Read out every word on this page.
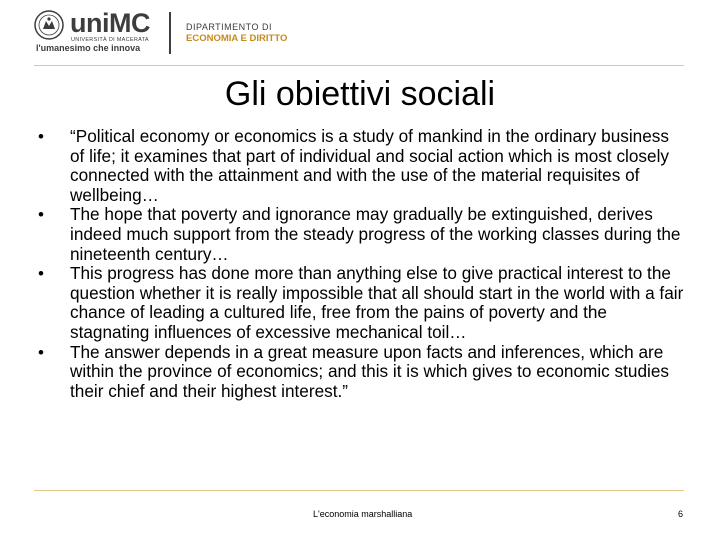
uniMC
UNIVERSITÀ DI MACERATA
l'umanesimo che innova
DIPARTIMENTO DI
ECONOMIA E DIRITTO
Gli obiettivi sociali
• “Political economy or economics is a study of mankind in the ordinary business of life; it examines that part of individual and social action which is most closely connected with the attainment and with the use of the material requisites of wellbeing…
• The hope that poverty and ignorance may gradually be extinguished, derives indeed much support from the steady progress of the working classes during the nineteenth century…
• This progress has done more than anything else to give practical interest to the question whether it is really impossible that all should start in the world with a fair chance of leading a cultured life, free from the pains of poverty and the stagnating influences of excessive mechanical toil…
• The answer depends in a great measure upon facts and inferences, which are within the province of economics; and this it is which gives to economic studies their chief and their highest interest.”
L'economia marshalliana	6
